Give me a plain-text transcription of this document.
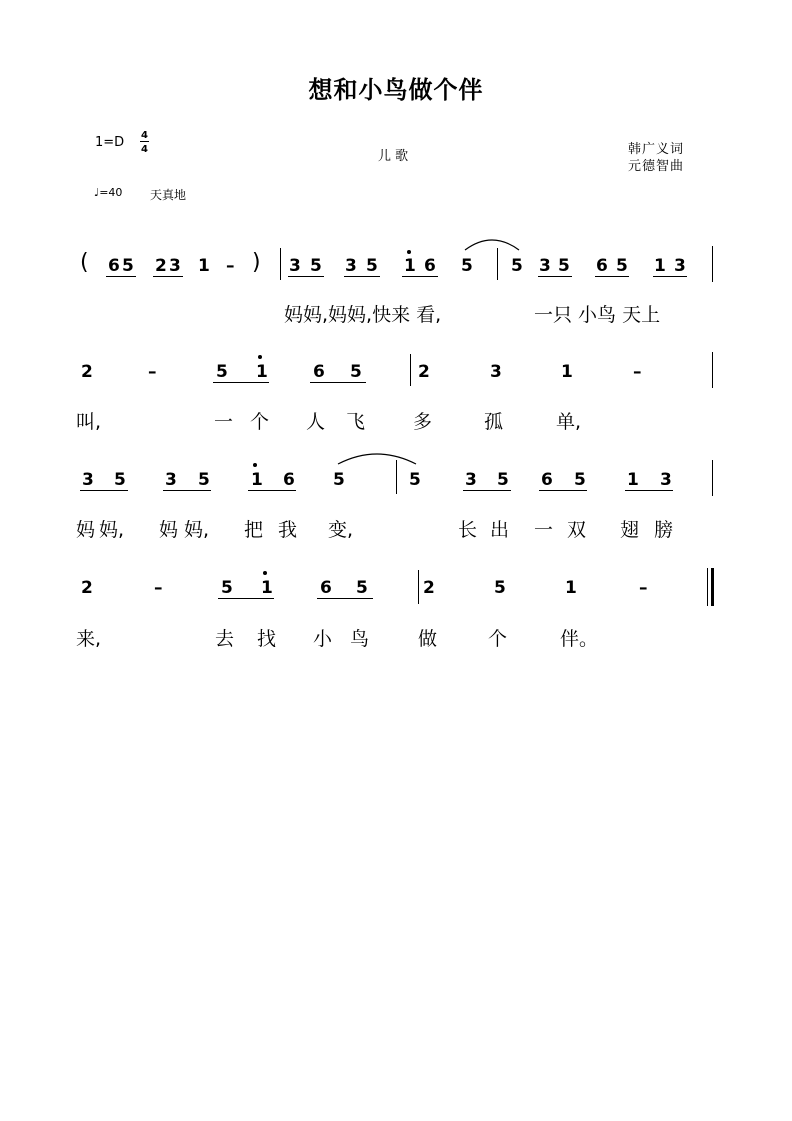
想和小鸟做个伴
1=D 4
4	儿 歌	韩广义词
元德智曲
♩=40 天真地
( 6 5 2 3 1 – ) 3 5 3 5 1 6 5 5 3 5 6 5 1 3
妈妈,妈妈,快来 看,	一只 小鸟 天上
2	–	5 1	6 5	2	3	1	–
叫,	一 个 人 飞	多	孤	单,
3 5 3 5 1 6 5	5	3 5 6 5 1 3
妈 妈, 妈 妈, 把 我 变,	长 出 一 双 翅 膀
2	–	5 1	6 5	2	5	1	–
来,	去 找 小 鸟	做	个	伴。
